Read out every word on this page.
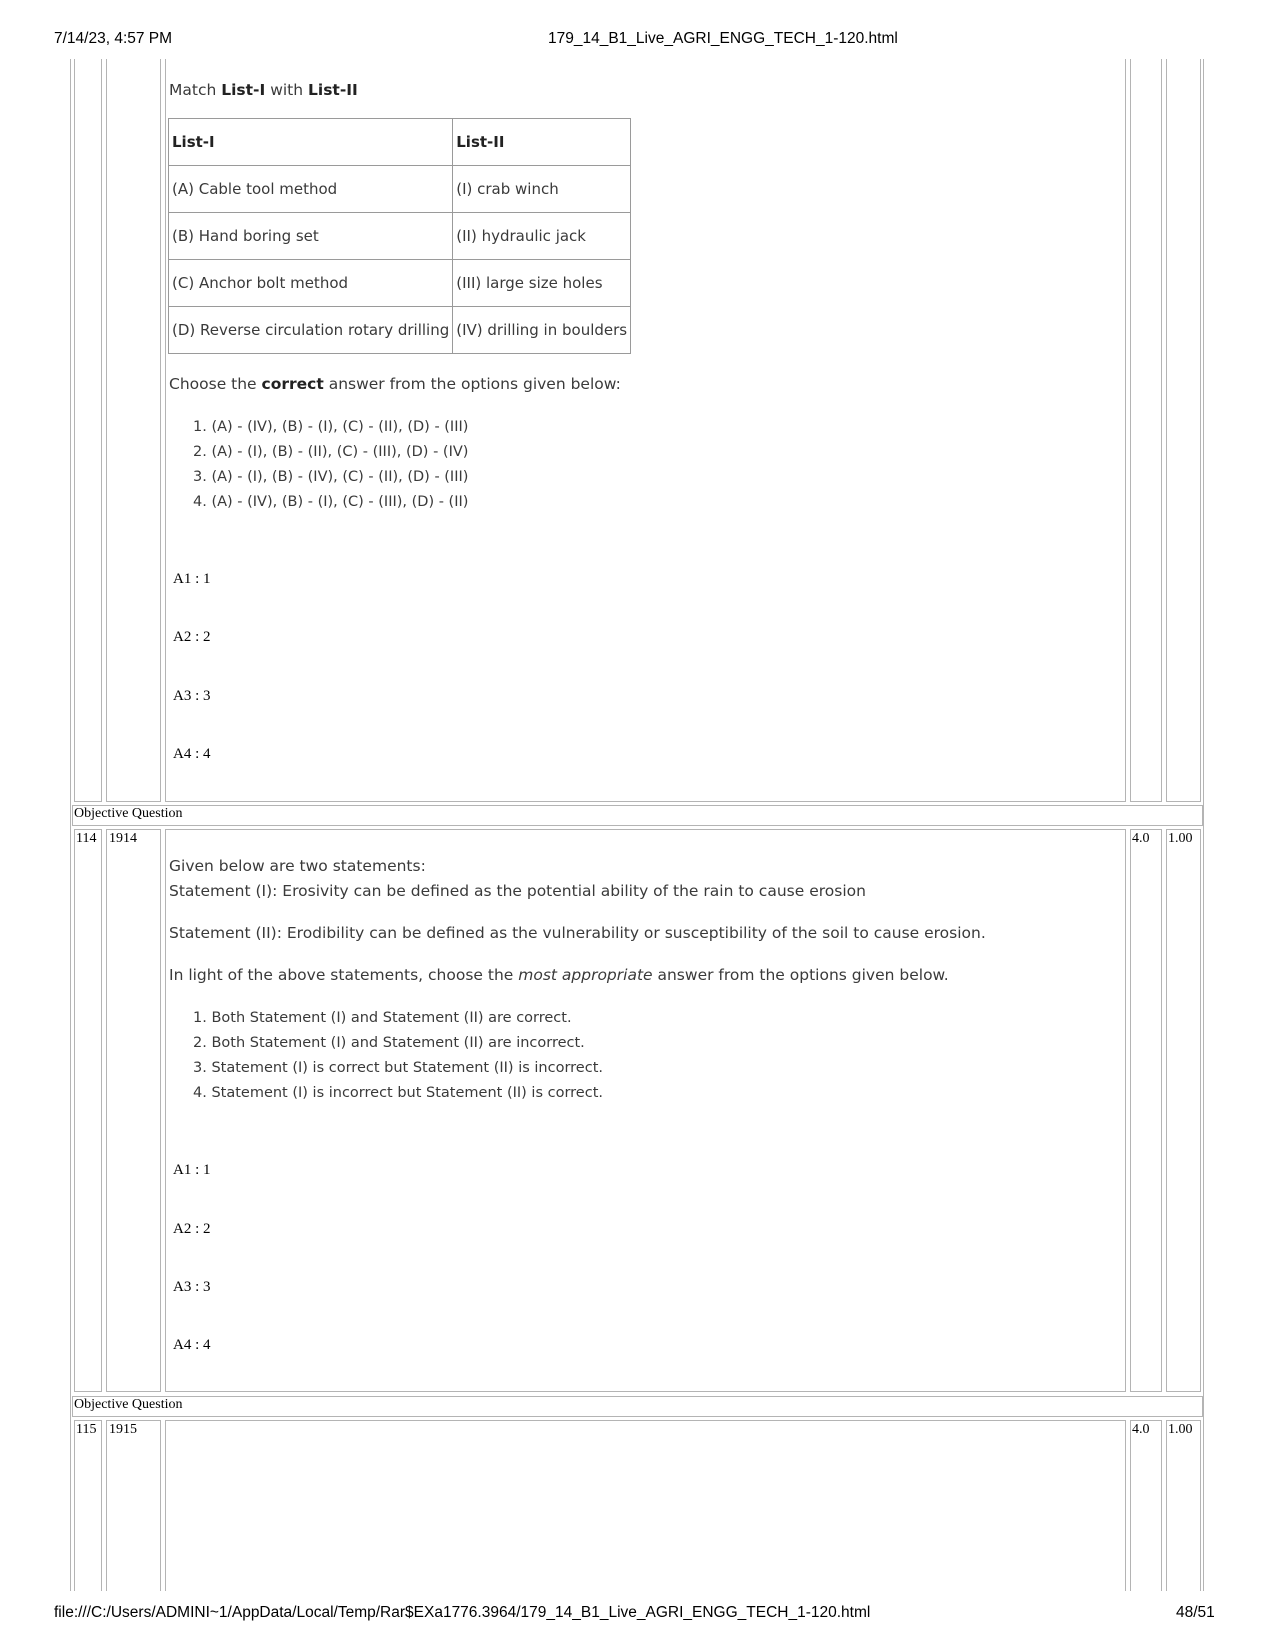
7/14/23, 4:57 PM	179_14_B1_Live_AGRI_ENGG_TECH_1-120.html
file:///C:/Users/ADMINI~1/AppData/Local/Temp/Rar$EXa1776.3964/179_14_B1_Live_AGRI_ENGG_TECH_1-120.html	48/51
Match List-I with List-II
List-I	List-II
(A) Cable tool method	(I) crab winch
(B) Hand boring set	(II) hydraulic jack
(C) Anchor bolt method	(III) large size holes
(D) Reverse circulation rotary drilling	(IV) drilling in boulders
Choose the correct answer from the options given below:
1. (A) - (IV), (B) - (I), (C) - (II), (D) - (III)
2. (A) - (I), (B) - (II), (C) - (III), (D) - (IV)
3. (A) - (I), (B) - (IV), (C) - (II), (D) - (III)
4. (A) - (IV), (B) - (I), (C) - (III), (D) - (II)
A1 : 1
A2 : 2
A3 : 3
A4 : 4
Objective Question
114 1914	4.0 1.00
Given below are two statements:
Statement (I): Erosivity can be defined as the potential ability of the rain to cause erosion
Statement (II): Erodibility can be defined as the vulnerability or susceptibility of the soil to cause erosion.
In light of the above statements, choose the most appropriate answer from the options given below.
1. Both Statement (I) and Statement (II) are correct.
2. Both Statement (I) and Statement (II) are incorrect.
3. Statement (I) is correct but Statement (II) is incorrect.
4. Statement (I) is incorrect but Statement (II) is correct.
A1 : 1
A2 : 2
A3 : 3
A4 : 4
Objective Question
115 1915	4.0 1.00
